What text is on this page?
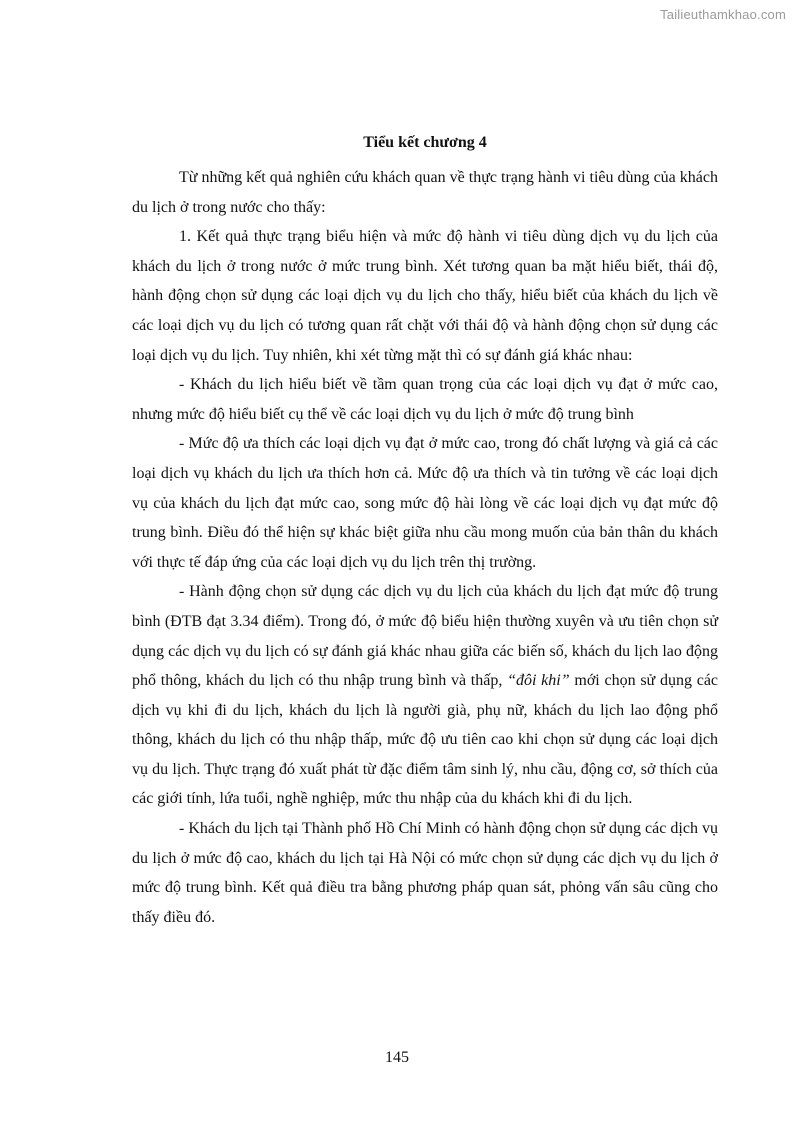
Tailieuthamkhao.com
Tiểu kết chương 4

Từ những kết quả nghiên cứu khách quan về thực trạng hành vi tiêu dùng của khách du lịch ở trong nước cho thấy:

1. Kết quả thực trạng biểu hiện và mức độ hành vi tiêu dùng dịch vụ du lịch của khách du lịch ở trong nước ở mức trung bình. Xét tương quan ba mặt hiểu biết, thái độ, hành động chọn sử dụng các loại dịch vụ du lịch cho thấy, hiểu biết của khách du lịch về các loại dịch vụ du lịch có tương quan rất chặt với thái độ và hành động chọn sử dụng các loại dịch vụ du lịch. Tuy nhiên, khi xét từng mặt thì có sự đánh giá khác nhau:

- Khách du lịch hiểu biết về tầm quan trọng của các loại dịch vụ đạt ở mức cao, nhưng mức độ hiểu biết cụ thể về các loại dịch vụ du lịch ở mức độ trung bình

- Mức độ ưa thích các loại dịch vụ đạt ở mức cao, trong đó chất lượng và giá cả các loại dịch vụ khách du lịch ưa thích hơn cả. Mức độ ưa thích và tin tưởng về các loại dịch vụ của khách du lịch đạt mức cao, song mức độ hài lòng về các loại dịch vụ đạt mức độ trung bình. Điều đó thể hiện sự khác biệt giữa nhu cầu mong muốn của bản thân du khách với thực tế đáp ứng của các loại dịch vụ du lịch trên thị trường.

- Hành động chọn sử dụng các dịch vụ du lịch của khách du lịch đạt mức độ trung bình (ĐTB đạt 3.34 điểm). Trong đó, ở mức độ biểu hiện thường xuyên và ưu tiên chọn sử dụng các dịch vụ du lịch có sự đánh giá khác nhau giữa các biến số, khách du lịch lao động phổ thông, khách du lịch có thu nhập trung bình và thấp, “đôi khi” mới chọn sử dụng các dịch vụ khi đi du lịch, khách du lịch là người già, phụ nữ, khách du lịch lao động phổ thông, khách du lịch có thu nhập thấp, mức độ ưu tiên cao khi chọn sử dụng các loại dịch vụ du lịch. Thực trạng đó xuất phát từ đặc điểm tâm sinh lý, nhu cầu, động cơ, sở thích của các giới tính, lứa tuổi, nghề nghiệp, mức thu nhập của du khách khi đi du lịch.

- Khách du lịch tại Thành phố Hồ Chí Minh có hành động chọn sử dụng các dịch vụ du lịch ở mức độ cao, khách du lịch tại Hà Nội có mức chọn sử dụng các dịch vụ du lịch ở mức độ trung bình. Kết quả điều tra bằng phương pháp quan sát, phỏng vấn sâu cũng cho thấy điều đó.

145
